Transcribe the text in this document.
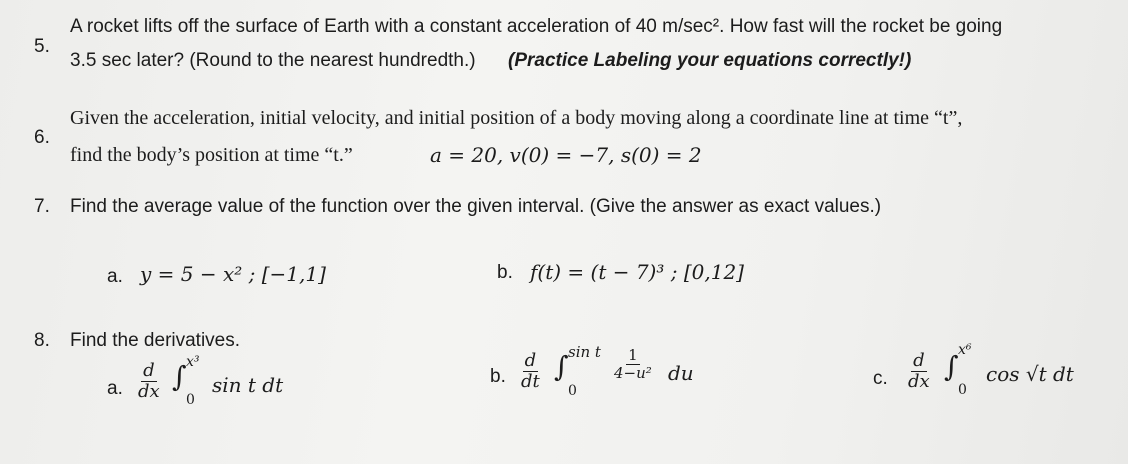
5.
A rocket lifts off the surface of Earth with a constant acceleration of 40 m/sec². How fast will the rocket be going
3.5 sec later? (Round to the nearest hundredth.) (Practice Labeling your equations correctly!)
6.
Given the acceleration, initial velocity, and initial position of a body moving along a coordinate line at time “t”,
find the body’s position at time “t.”	a = 20, v(0) = −7, s(0) = 2
7. Find the average value of the function over the given interval. (Give the answer as exact values.)
a. y = 5 − x² ; [−1,1]	b. f(t) = (t − 7)³ ; [0,12]
8. Find the derivatives.
a. $\frac{d}{dx}$ ∫ x³
0
sin t dt	b. $\frac{d}{dt}$ ∫ sin t
0
$\frac{1}{\text{4−u²}}$ du	c. $\frac{d}{dx}$ ∫ x⁶
0
cos √t dt
